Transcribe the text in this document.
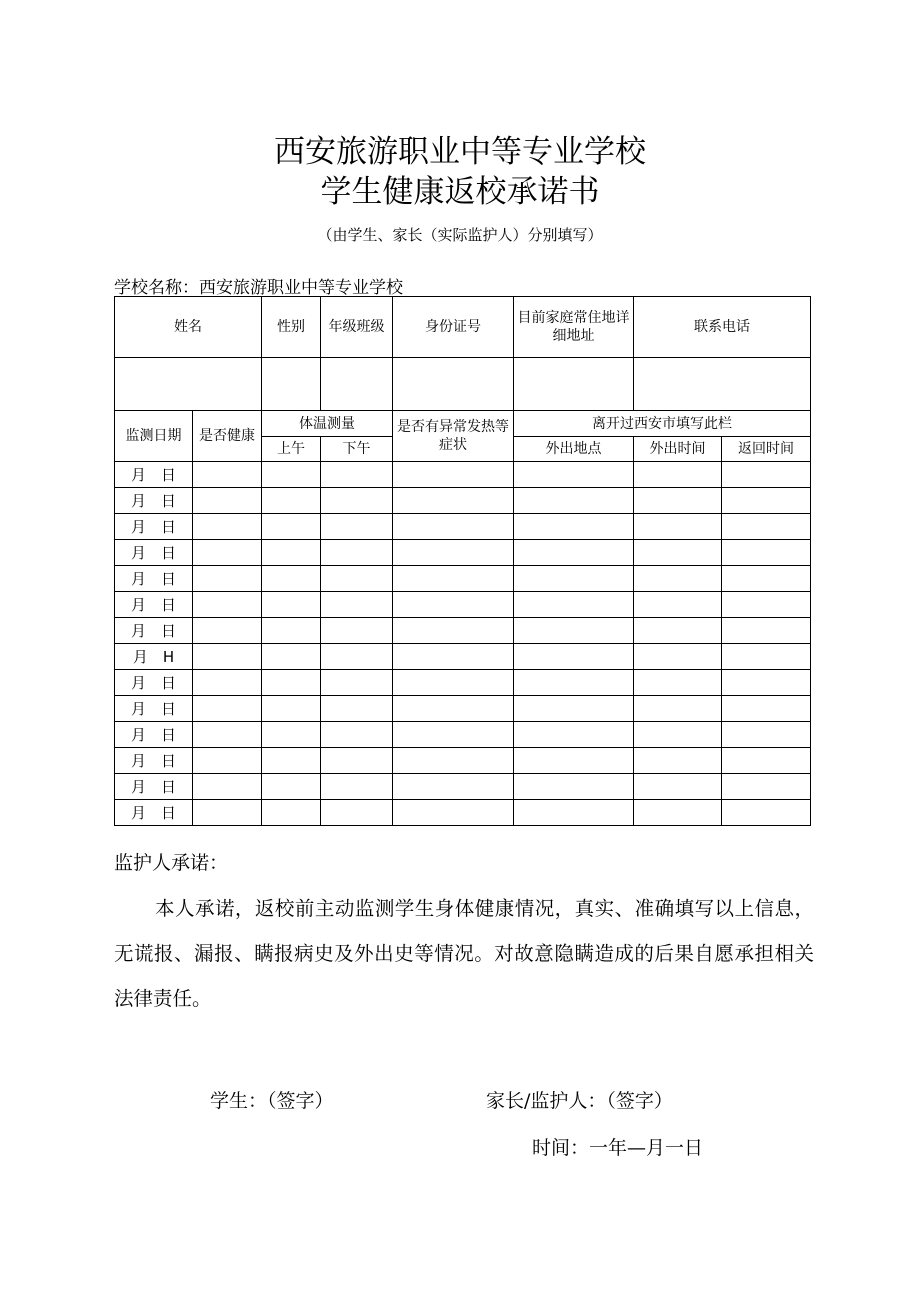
西安旅游职业中等专业学校
学生健康返校承诺书
（由学生、家长（实际监护人）分别填写）
学校名称：西安旅游职业中等专业学校
姓名		性别	年级班级	身份证号	目前家庭常住地详细地址	联系电话	

监测日期	是否健康	体温测量		是否有异常发热等症状	离开过西安市填写此栏		
		上午	下午		外出地点	外出时间	返回时间
月　日							
月　日							
月　日							
月　日							
月　日							
月　日							
月　日							
月　H							
月　日							
月　日							
月　日							
月　日							
月　日							
月　日							
监护人承诺：
本人承诺，返校前主动监测学生身体健康情况，真实、准确填写以上信息，无谎报、漏报、瞒报病史及外出史等情况。对故意隐瞒造成的后果自愿承担相关法律责任。
学生：（签字）	家长/监护人：（签字）
时间：一年—月一日
